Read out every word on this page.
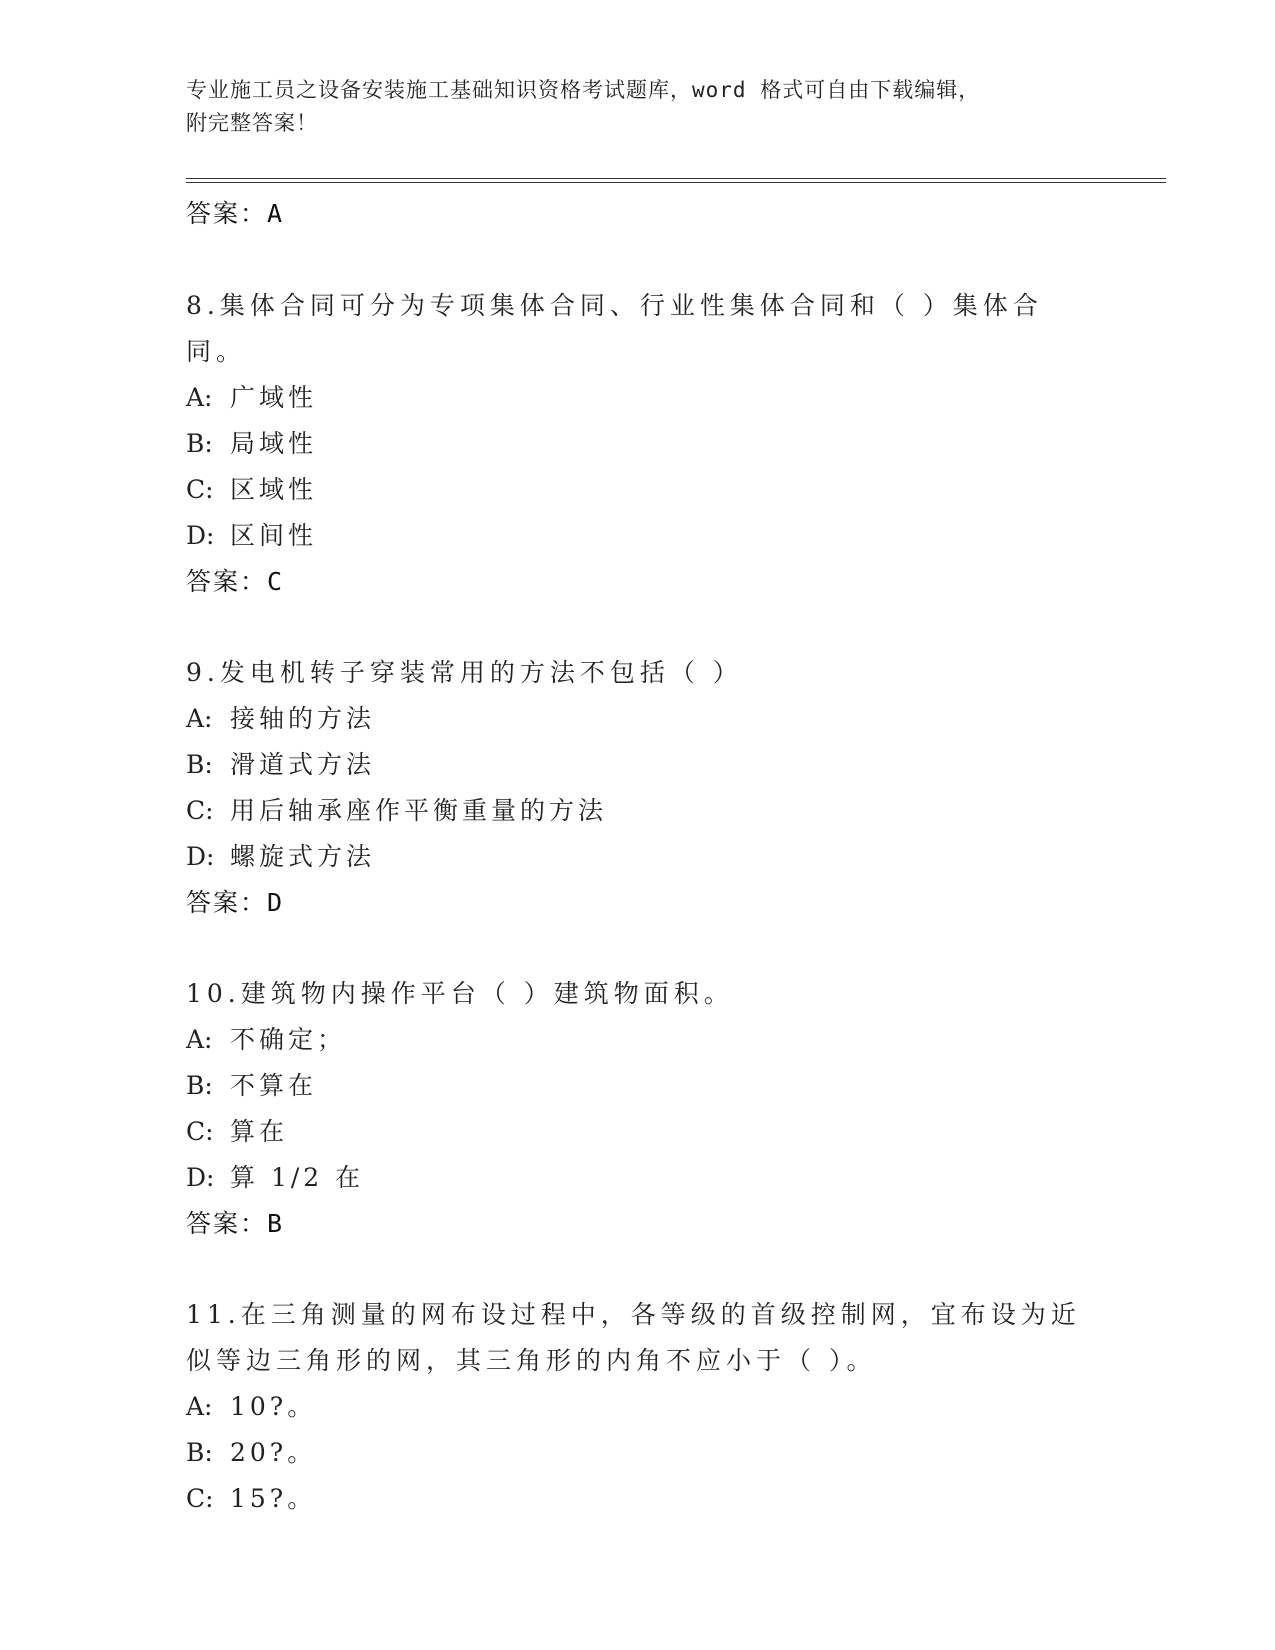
专业施工员之设备安装施工基础知识资格考试题库，word 格式可自由下载编辑，
附完整答案！
答案：A
8.集体合同可分为专项集体合同、行业性集体合同和（ ）集体合同。
A: 广域性
B: 局域性
C: 区域性
D: 区间性
答案：C
9.发电机转子穿装常用的方法不包括（ ）
A: 接轴的方法
B: 滑道式方法
C: 用后轴承座作平衡重量的方法
D: 螺旋式方法
答案：D
10.建筑物内操作平台（ ）建筑物面积。
A: 不确定；
B: 不算在
C: 算在
D: 算 1/2 在
答案：B
11.在三角测量的网布设过程中，各等级的首级控制网，宜布设为近似等边三角形的网，其三角形的内角不应小于（ ）。
A: 10?。
B: 20?。
C: 15?。
